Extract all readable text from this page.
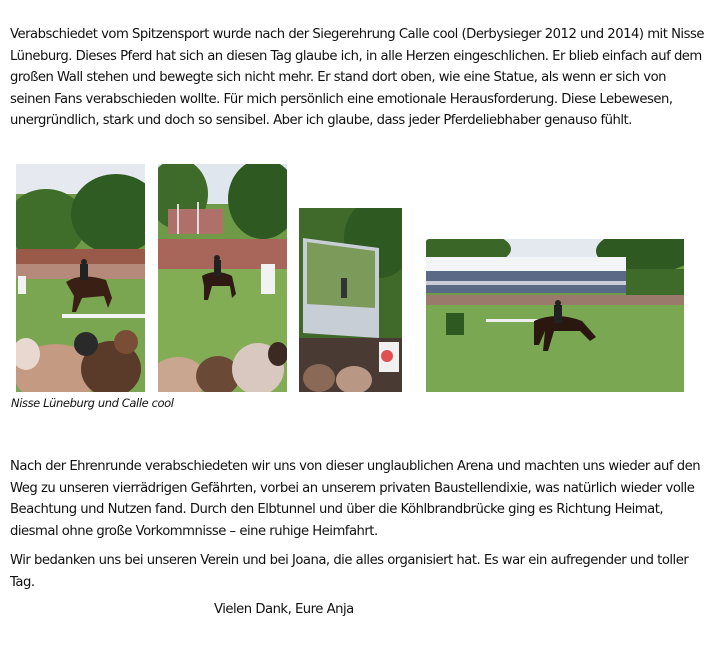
Verabschiedet vom Spitzensport wurde nach der Siegerehrung Calle cool (Derbysieger 2012 und 2014) mit Nisse Lüneburg. Dieses Pferd hat sich an diesen Tag glaube ich, in alle Herzen eingeschlichen. Er blieb einfach auf dem großen Wall stehen und bewegte sich nicht mehr. Er stand dort oben, wie eine Statue, als wenn er sich von seinen Fans verabschieden wollte. Für mich persönlich eine emotionale Herausforderung. Diese Lebewesen, unergründlich, stark und doch so sensibel. Aber ich glaube, dass jeder Pferdeliebhaber genauso fühlt.

Nisse Lüneburg und Calle cool

Nach der Ehrenrunde verabschiedeten wir uns von dieser unglaublichen Arena und machten uns wieder auf den Weg zu unseren vierrädrigen Gefährten, vorbei an unserem privaten Baustellendixie, was natürlich wieder volle Beachtung und Nutzen fand. Durch den Elbtunnel und über die Köhlbrandbrücke ging es Richtung Heimat, diesmal ohne große Vorkommnisse – eine ruhige Heimfahrt.

Wir bedanken uns bei unseren Verein und bei Joana, die alles organisiert hat. Es war ein aufregender und toller Tag.

Vielen Dank, Eure Anja
